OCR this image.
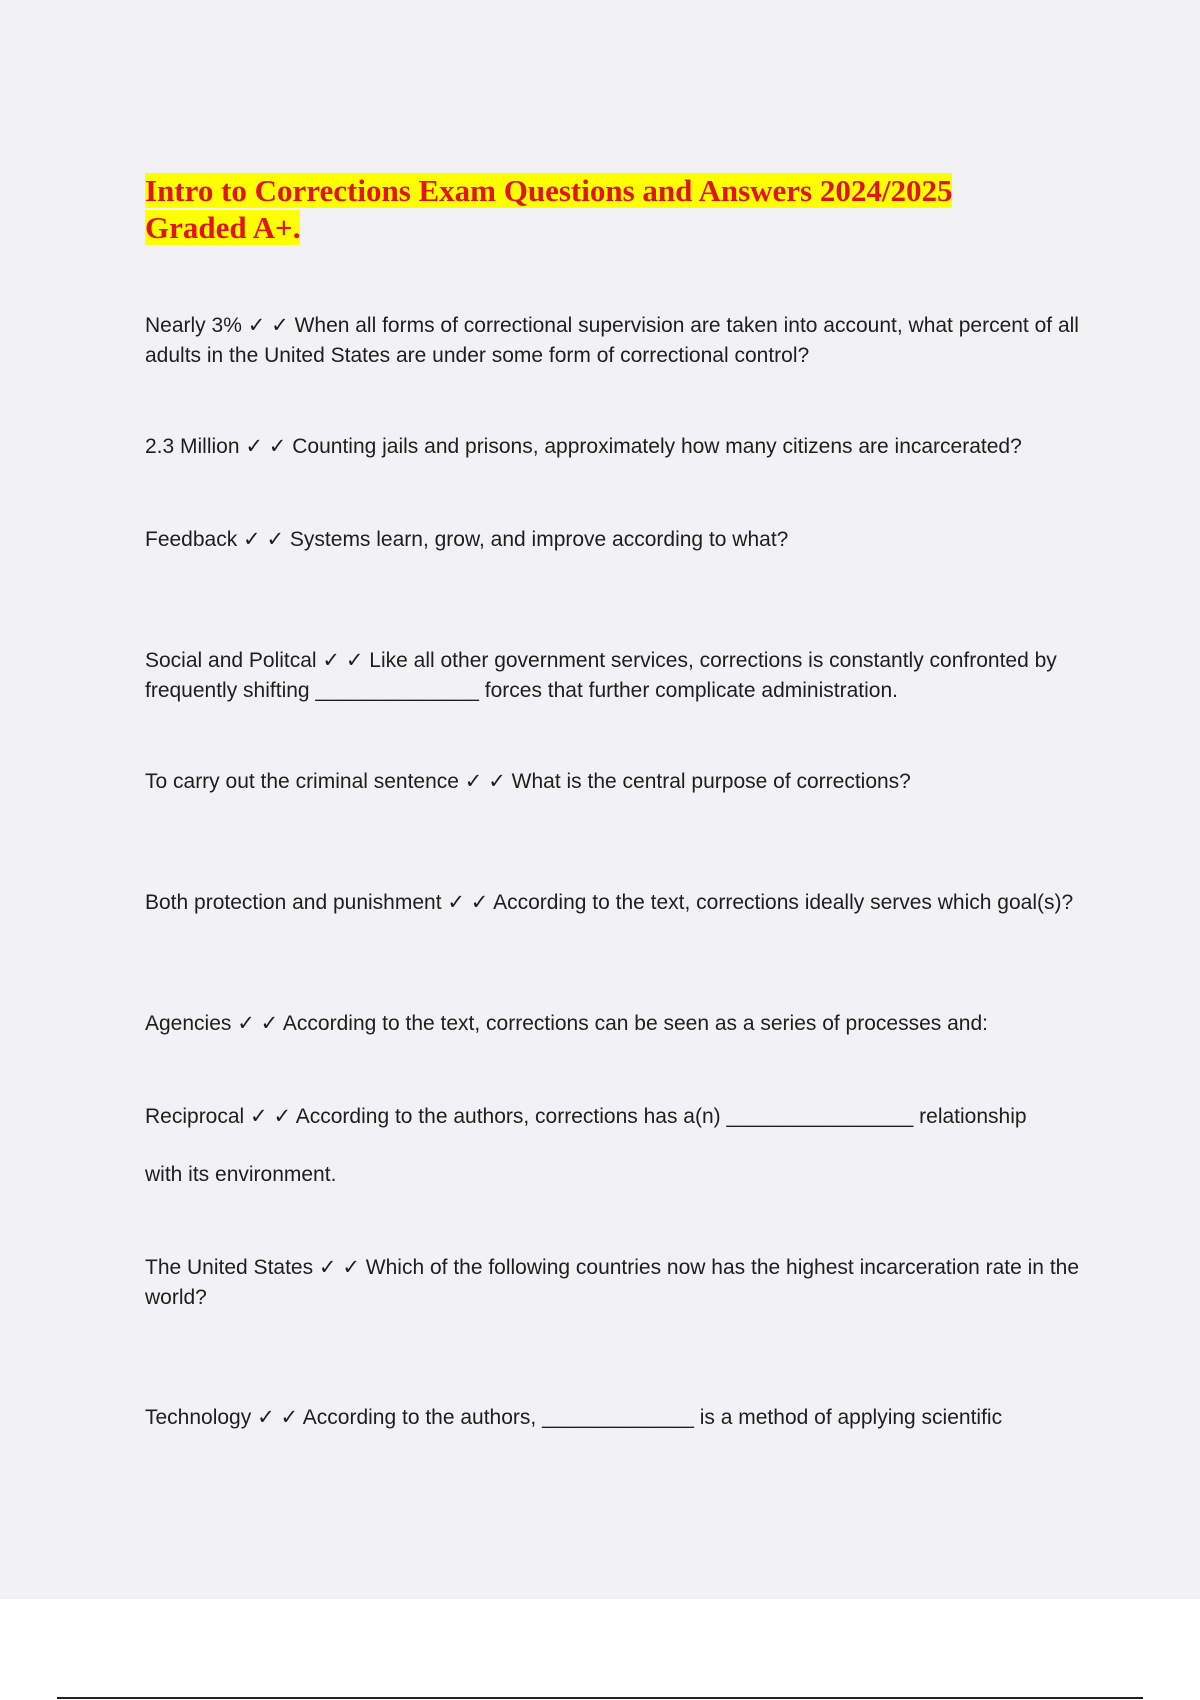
Intro to Corrections Exam Questions and Answers 2024/2025
Graded A+.

Nearly 3% ✓ ✓ When all forms of correctional supervision are taken into account, what percent of all adults in the United States are under some form of correctional control?

2.3 Million ✓ ✓ Counting jails and prisons, approximately how many citizens are incarcerated?

Feedback ✓ ✓ Systems learn, grow, and improve according to what?

Social and Politcal ✓ ✓ Like all other government services, corrections is constantly confronted by frequently shifting ______________ forces that further complicate administration.

To carry out the criminal sentence ✓ ✓ What is the central purpose of corrections?

Both protection and punishment ✓ ✓ According to the text, corrections ideally serves which goal(s)?

Agencies ✓ ✓ According to the text, corrections can be seen as a series of processes and:

Reciprocal ✓ ✓ According to the authors, corrections has a(n) ________________ relationship

with its environment.

The United States ✓ ✓ Which of the following countries now has the highest incarceration rate in the world?

Technology ✓ ✓ According to the authors, _____________ is a method of applying scientific
